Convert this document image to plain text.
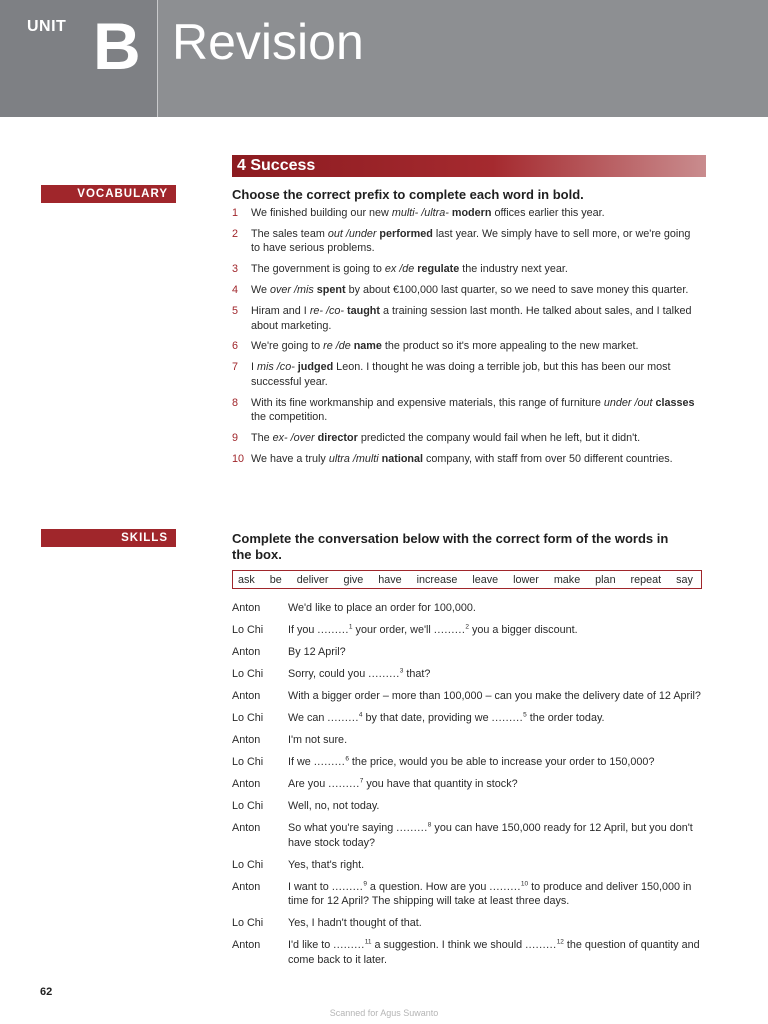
UNIT B Revision
4 Success
VOCABULARY	Choose the correct prefix to complete each word in bold.
1 We finished building our new multi- /ultra- modern offices earlier this year.
2 The sales team out /under performed last year. We simply have to sell more, or we're going to have serious problems.
3 The government is going to ex /de regulate the industry next year.
4 We over /mis spent by about €100,000 last quarter, so we need to save money this quarter.
5 Hiram and I re- /co- taught a training session last month. He talked about sales, and I talked about marketing.
6 We're going to re /de name the product so it's more appealing to the new market.
7 I mis /co- judged Leon. I thought he was doing a terrible job, but this has been our most successful year.
8 With its fine workmanship and expensive materials, this range of furniture under /out classes the competition.
9 The ex- /over director predicted the company would fail when he left, but it didn't.
10 We have a truly ultra /multi national company, with staff from over 50 different countries.
SKILLS	Complete the conversation below with the correct form of the words in the box.
ask be deliver give have increase leave lower make plan repeat say
Anton	We'd like to place an order for 100,000.
Lo Chi	If you .........$^1$ your order, we'll .........$^2$ you a bigger discount.
Anton	By 12 April?
Lo Chi	Sorry, could you .........$^3$ that?
Anton	With a bigger order – more than 100,000 – can you make the delivery date of 12 April?
Lo Chi	We can .........$^4$ by that date, providing we .........$^5$ the order today.
Anton	I'm not sure.
Lo Chi	If we .........$^6$ the price, would you be able to increase your order to 150,000?
Anton	Are you .........$^7$ you have that quantity in stock?
Lo Chi	Well, no, not today.
Anton	So what you're saying .........$^8$ you can have 150,000 ready for 12 April, but you don't have stock today?
Lo Chi	Yes, that's right.
Anton	I want to .........$^9$ a question. How are you .........$^{10}$ to produce and deliver 150,000 in time for 12 April? The shipping will take at least three days.
Lo Chi	Yes, I hadn't thought of that.
Anton	I'd like to .........$^{11}$ a suggestion. I think we should .........$^{12}$ the question of quantity and come back to it later.
62
Scanned for Agus Suwanto
